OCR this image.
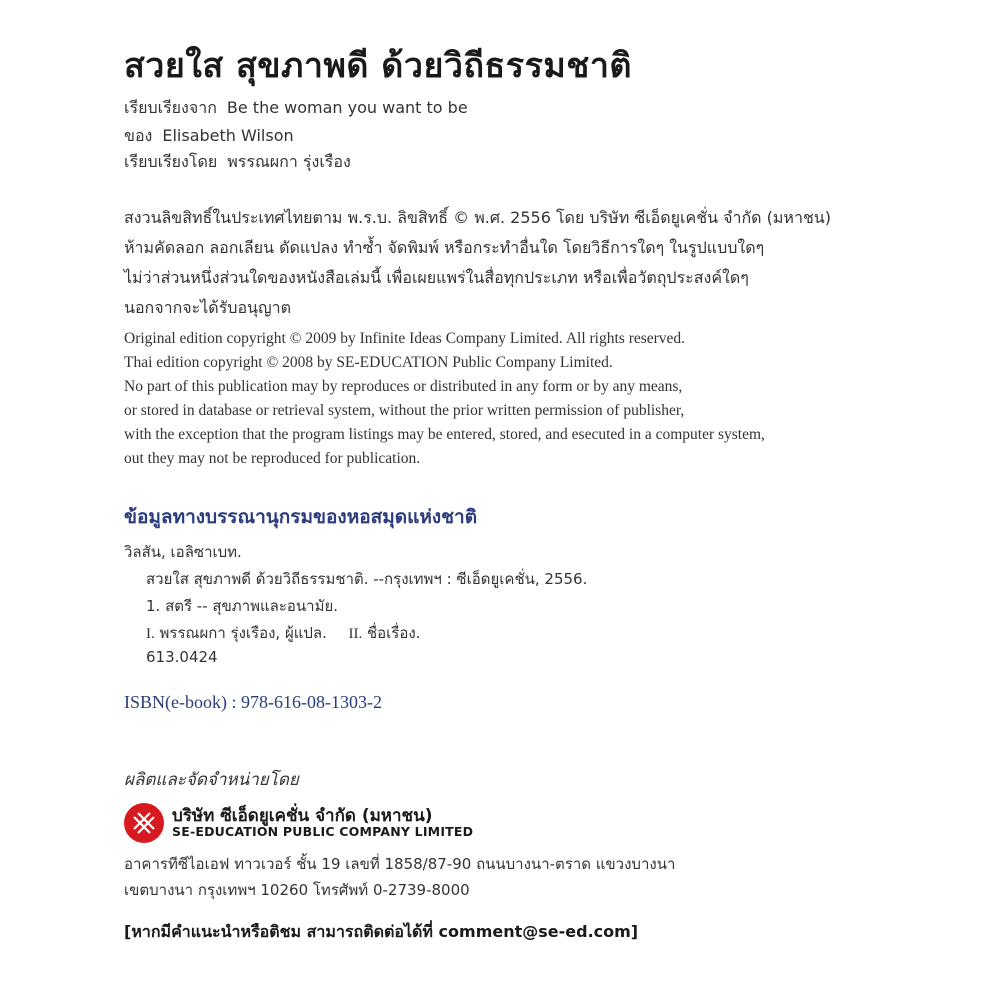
สวยใส สุขภาพดี ด้วยวิถีธรรมชาติ
เรียบเรียงจาก Be the woman you want to be
ของ Elisabeth Wilson
เรียบเรียงโดย พรรณผกา รุ่งเรือง
สงวนลิขสิทธิ์ในประเทศไทยตาม พ.ร.บ. ลิขสิทธิ์ © พ.ศ. 2556 โดย บริษัท ซีเอ็ดยูเคชั่น จำกัด (มหาชน)
ห้ามคัดลอก ลอกเลียน ดัดแปลง ทำซ้ำ จัดพิมพ์ หรือกระทำอื่นใด โดยวิธีการใดๆ ในรูปแบบใดๆ
ไม่ว่าส่วนหนึ่งส่วนใดของหนังสือเล่มนี้ เพื่อเผยแพร่ในสื่อทุกประเภท หรือเพื่อวัตถุประสงค์ใดๆ
นอกจากจะได้รับอนุญาต
Original edition copyright © 2009 by Infinite Ideas Company Limited. All rights reserved.
Thai edition copyright © 2008 by SE-EDUCATION Public Company Limited.
No part of this publication may by reproduces or distributed in any form or by any means,
or stored in database or retrieval system, without the prior written permission of publisher,
with the exception that the program listings may be entered, stored, and esecuted in a computer system,
out they may not be reproduced for publication.
ข้อมูลทางบรรณานุกรมของหอสมุดแห่งชาติ
วิลสัน, เอลิซาเบท.
สวยใส สุขภาพดี ด้วยวิถีธรรมชาติ. --กรุงเทพฯ : ซีเอ็ดยูเคชั่น, 2556.
1. สตรี -- สุขภาพและอนามัย.
I. พรรณผกา รุ่งเรือง, ผู้แปล. II. ชื่อเรื่อง.
613.0424
ISBN(e-book) : 978-616-08-1303-2
ผลิตและจัดจำหน่ายโดย
บริษัท ซีเอ็ดยูเคชั่น จำกัด (มหาชน)
SE-EDUCATION PUBLIC COMPANY LIMITED
อาคารทีซีไอเอฟ ทาวเวอร์ ชั้น 19 เลขที่ 1858/87-90 ถนนบางนา-ตราด แขวงบางนา
เขตบางนา กรุงเทพฯ 10260 โทรศัพท์ 0-2739-8000
[หากมีคำแนะนำหรือติชม สามารถติดต่อได้ที่ comment@se-ed.com]
